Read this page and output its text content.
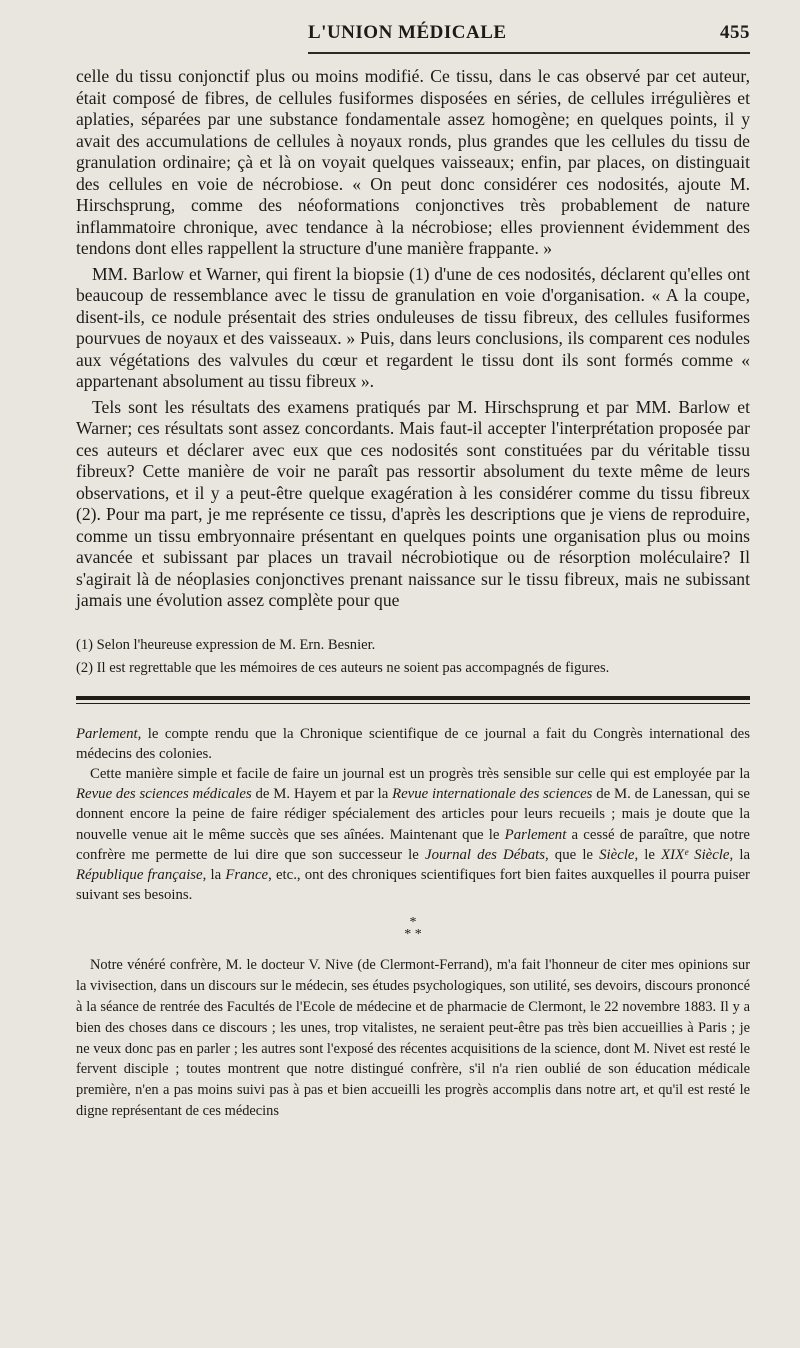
L'UNION MÉDICALE	455

celle du tissu conjonctif plus ou moins modifié. Ce tissu, dans le cas observé par cet auteur, était composé de fibres, de cellules fusiformes disposées en séries, de cellules irrégulières et aplaties, séparées par une substance fondamentale assez homogène; en quelques points, il y avait des accumulations de cellules à noyaux ronds, plus grandes que les cellules du tissu de granulation ordinaire; çà et là on voyait quelques vaisseaux; enfin, par places, on distinguait des cellules en voie de nécrobiose. « On peut donc considérer ces nodosités, ajoute M. Hirschsprung, comme des néoformations conjonctives très probablement de nature inflammatoire chronique, avec tendance à la nécrobiose; elles proviennent évidemment des tendons dont elles rappellent la structure d'une manière frappante. »

MM. Barlow et Warner, qui firent la biopsie (1) d'une de ces nodosités, déclarent qu'elles ont beaucoup de ressemblance avec le tissu de granulation en voie d'organisation. « A la coupe, disent-ils, ce nodule présentait des stries onduleuses de tissu fibreux, des cellules fusiformes pourvues de noyaux et des vaisseaux. » Puis, dans leurs conclusions, ils comparent ces nodules aux végétations des valvules du cœur et regardent le tissu dont ils sont formés comme « appartenant absolument au tissu fibreux ».

Tels sont les résultats des examens pratiqués par M. Hirschsprung et par MM. Barlow et Warner; ces résultats sont assez concordants. Mais faut-il accepter l'interprétation proposée par ces auteurs et déclarer avec eux que ces nodosités sont constituées par du véritable tissu fibreux? Cette manière de voir ne paraît pas ressortir absolument du texte même de leurs observations, et il y a peut-être quelque exagération à les considérer comme du tissu fibreux (2). Pour ma part, je me représente ce tissu, d'après les descriptions que je viens de reproduire, comme un tissu embryonnaire présentant en quelques points une organisation plus ou moins avancée et subissant par places un travail nécrobiotique ou de résorption moléculaire? Il s'agirait là de néoplasies conjonctives prenant naissance sur le tissu fibreux, mais ne subissant jamais une évolution assez complète pour que

(1) Selon l'heureuse expression de M. Ern. Besnier.

(2) Il est regrettable que les mémoires de ces auteurs ne soient pas accompagnés de figures.

Parlement, le compte rendu que la Chronique scientifique de ce journal a fait du Congrès international des médecins des colonies.

Cette manière simple et facile de faire un journal est un progrès très sensible sur celle qui est employée par la Revue des sciences médicales de M. Hayem et par la Revue internationale des sciences de M. de Lanessan, qui se donnent encore la peine de faire rédiger spécialement des articles pour leurs recueils ; mais je doute que la nouvelle venue ait le même succès que ses aînées. Maintenant que le Parlement a cessé de paraître, que notre confrère me permette de lui dire que son successeur le Journal des Débats, que le Siècle, le XIXᵉ Siècle, la République française, la France, etc., ont des chroniques scientifiques fort bien faites auxquelles il pourra puiser suivant ses besoins.

*
* *

Notre vénéré confrère, M. le docteur V. Nive (de Clermont-Ferrand), m'a fait l'honneur de citer mes opinions sur la vivisection, dans un discours sur le médecin, ses études psychologiques, son utilité, ses devoirs, discours prononcé à la séance de rentrée des Facultés de l'Ecole de médecine et de pharmacie de Clermont, le 22 novembre 1883. Il y a bien des choses dans ce discours ; les unes, trop vitalistes, ne seraient peut-être pas très bien accueillies à Paris ; je ne veux donc pas en parler ; les autres sont l'exposé des récentes acquisitions de la science, dont M. Nivet est resté le fervent disciple ; toutes montrent que notre distingué confrère, s'il n'a rien oublié de son éducation médicale première, n'en a pas moins suivi pas à pas et bien accueilli les progrès accomplis dans notre art, et qu'il est resté le digne représentant de ces médecins
